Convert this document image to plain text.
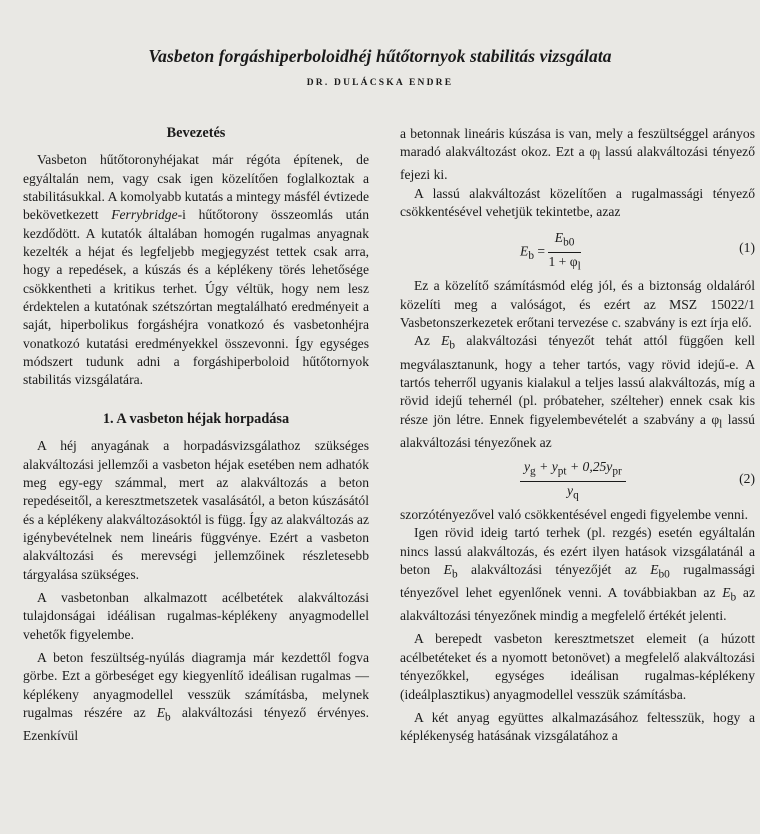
Vasbeton forgáshiperboloidhéj hűtőtornyok stabilitás vizsgálata
DR. DULÁCSKA ENDRE
Bevezetés

Vasbeton hűtőtoronyhéjakat már régóta építenek, de egyáltalán nem, vagy csak igen közelítően foglalkoztak a stabilitásukkal. A komolyabb kutatás a mintegy másfél évtizede bekövetkezett Ferrybridge-i hűtőtorony összeomlás után kezdődött. A kutatók általában homogén rugalmas anyagnak kezelték a héjat és legfeljebb megjegyzést tettek csak arra, hogy a repedések, a kúszás és a képlékeny törés lehetősége csökkentheti a kritikus terhet. Úgy véltük, hogy nem lesz érdektelen a kutatónak szétszórtan megtalálható eredményeit a saját, hiperbolikus forgáshéjra vonatkozó és vasbetonhéjra vonatkozó kutatási eredményekkel összevonni. Így egységes módszert tudunk adni a forgáshiperboloid hűtőtornyok stabilitás vizsgálatára.

1. A vasbeton héjak horpadása

A héj anyagának a horpadásvizsgálathoz szükséges alakváltozási jellemzői a vasbeton héjak esetében nem adhatók meg egy-egy számmal, mert az alakváltozás a beton repedéseitől, a keresztmetszetek vasalásától, a beton kúszásától és a képlékeny alakváltozásoktól is függ. Így az alakváltozás az igénybevételnek nem lineáris függvénye. Ezért a vasbeton alakváltozási és merevségi jellemzőinek részletesebb tárgyalása szükséges.

A vasbetonban alkalmazott acélbetétek alakváltozási tulajdonságai idéálisan rugalmas-képlékeny anyagmodellel vehetők figyelembe.

A beton feszültség-nyúlás diagramja már kezdettől fogva görbe. Ezt a görbeséget egy kiegyenlítő ideálisan rugalmas — képlékeny anyagmodellel vesszük számításba, melynek rugalmas részére az $E_b$ alakváltozási tényező érvényes. Ezenkívül

a betonnak lineáris kúszása is van, mely a feszültséggel arányos maradó alakváltozást okoz. Ezt a $\varphi_l$ lassú alakváltozási tényező fejezi ki.

A lassú alakváltozást közelítően a rugalmassági tényező csökkentésével vehetjük tekintetbe, azaz

$E_b = \frac{E_{b0}}{1 + \varphi_l}$	(1)

Ez a közelítő számításmód elég jól, és a biztonság oldaláról közelíti meg a valóságot, és ezért az MSZ 15022/1 Vasbetonszerkezetek erőtani tervezése c. szabvány is ezt írja elő.

Az $E_b$ alakváltozási tényezőt tehát attól függően kell megválasztanunk, hogy a teher tartós, vagy rövid idejű-e. A tartós teherről ugyanis kialakul a teljes lassú alakváltozás, míg a rövid idejű tehernél (pl. próbateher, szélteher) ennek csak kis része jön létre. Ennek figyelembevételét a szabvány a $\varphi_l$ lassú alakváltozási tényezőnek az

$\frac{y_g + y_{pt} + 0,25y_{pr}}{y_q}$	(2)

szorzótényezővel való csökkentésével engedi figyelembe venni.

Igen rövid ideig tartó terhek (pl. rezgés) esetén egyáltalán nincs lassú alakváltozás, és ezért ilyen hatások vizsgálatánál a beton $E_b$ alakváltozási tényezőjét az $E_{b0}$ rugalmassági tényezővel lehet egyenlőnek venni. A továbbiakban az $E_b$ az alakváltozási tényezőnek mindig a megfelelő értékét jelenti.

A berepedt vasbeton keresztmetszet elemeit (a húzott acélbetéteket és a nyomott betonövet) a megfelelő alakváltozási tényezőkkel, egységes ideálisan rugalmas-képlékeny (ideálplasztikus) anyagmodellel vesszük számításba.

A két anyag együttes alkalmazásához feltesszük, hogy a képlékenység hatásának vizsgálatához a
